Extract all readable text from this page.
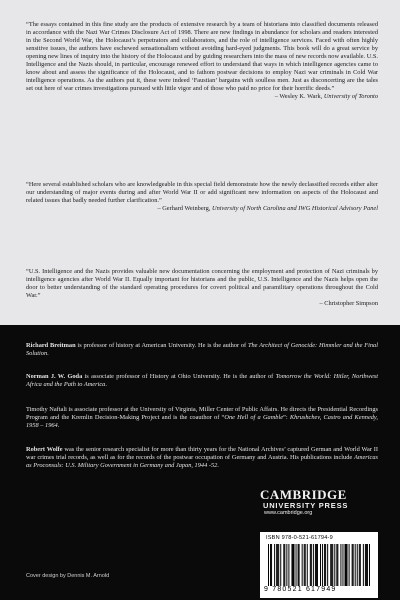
“The essays contained in this fine study are the products of extensive research by a team of historians into classified documents released in accordance with the Nazi War Crimes Disclosure Act of 1998. There are new findings in abundance for scholars and readers interested in the Second World War, the Holocaust’s perpetrators and collaborators, and the role of intelligence services. Faced with often highly sensitive issues, the authors have eschewed sensationalism without avoiding hard-eyed judgments. This book will do a great service by opening new lines of inquiry into the history of the Holocaust and by guiding researchers into the mass of new records now available. U.S. Intelligence and the Nazis should, in particular, encourage renewed effort to understand that ways in which intelligence agencies came to know about and assess the significance of the Holocaust, and to fathom postwar decisions to employ Nazi war criminals in Cold War intelligence operations. As the authors put it, these were indeed ‘Faustian’ bargains with soulless men. Just as disconcerting are the tales set out here of war crimes investigations pursued with little vigor and of those who paid no price for their horrific deeds.”
– Wesley K. Wark, University of Toronto

“Here several established scholars who are knowledgeable in this special field demonstrate how the newly declassified records either alter our understanding of major events during and after World War II or add significant new information on aspects of the Holocaust and related issues that badly needed further clarification.”
– Gerhard Weinberg, University of North Carolina and IWG Historical Advisory Panel

“U.S. Intelligence and the Nazis provides valuable new documentation concerning the employment and protection of Nazi criminals by intelligence agencies after World War II. Equally important for historians and the public, U.S. Intelligence and the Nazis helps open the door to better understanding of the standard operating procedures for covert political and paramilitary operations throughout the Cold War.”
– Christopher Simpson

Richard Breitman is professor of history at American University. He is the author of The Architect of Genocide: Himmler and the Final Solution.

Norman J. W. Goda is associate professor of History at Ohio University. He is the author of Tomorrow the World: Hitler, Northwest Africa and the Path to America.

Timothy Naftali is associate professor at the University of Virginia, Miller Center of Public Affairs. He directs the Presidential Recordings Program and the Kremlin Decision-Making Project and is the coauthor of “One Hell of a Gamble”: Khrushchev, Castro and Kennedy, 1958 – 1964.

Robert Wolfe was the senior research specialist for more than thirty years for the National Archives’ captured German and World War II war crimes trial records, as well as for the records of the postwar occupation of Germany and Austria. His publications include Americas as Proconsuls: U.S. Military Government in Germany and Japan, 1944 -52.

CAMBRIDGE
UNIVERSITY PRESS
www.cambridge.org
ISBN 978-0-521-61794-9
9 780521 617949
Cover design by Dennis M. Arnold
